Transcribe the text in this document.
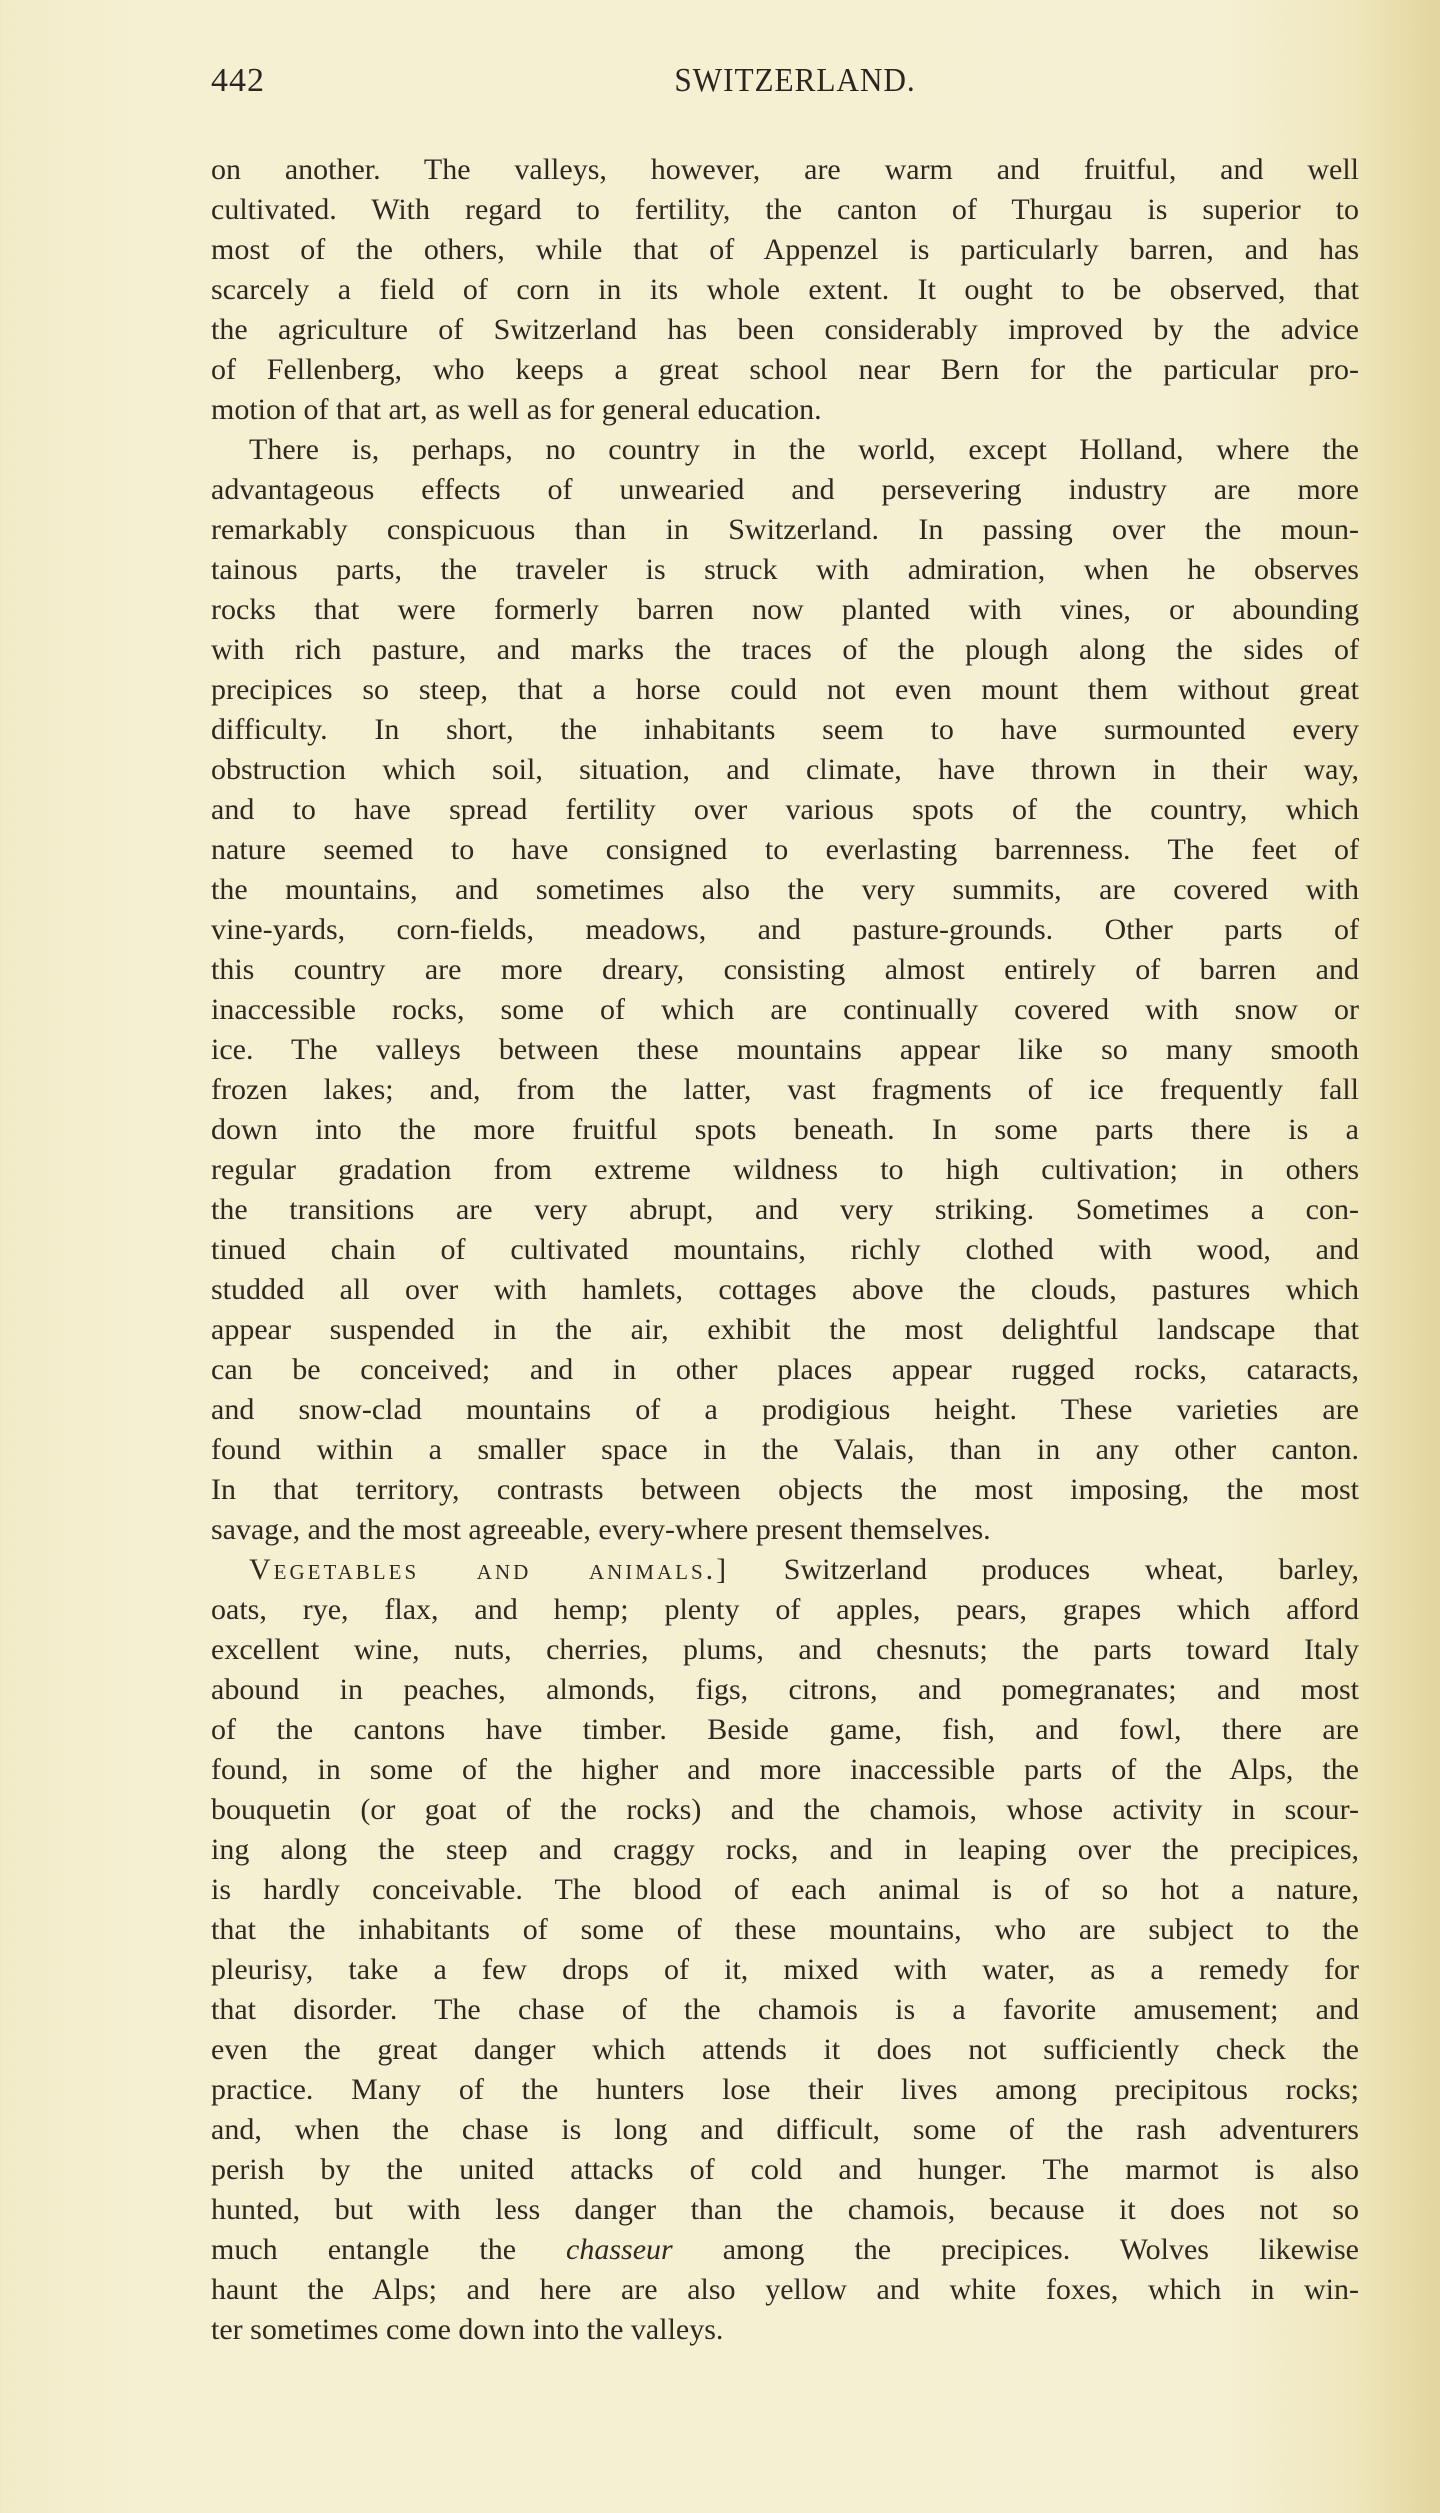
442	SWITZERLAND.
on another. The valleys, however, are warm and fruitful, and well
cultivated. With regard to fertility, the canton of Thurgau is superior to
most of the others, while that of Appenzel is particularly barren, and has
scarcely a field of corn in its whole extent. It ought to be observed, that
the agriculture of Switzerland has been considerably improved by the advice
of Fellenberg, who keeps a great school near Bern for the particular pro-
motion of that art, as well as for general education.
There is, perhaps, no country in the world, except Holland, where the
advantageous effects of unwearied and persevering industry are more
remarkably conspicuous than in Switzerland. In passing over the moun-
tainous parts, the traveler is struck with admiration, when he observes
rocks that were formerly barren now planted with vines, or abounding
with rich pasture, and marks the traces of the plough along the sides of
precipices so steep, that a horse could not even mount them without great
difficulty. In short, the inhabitants seem to have surmounted every
obstruction which soil, situation, and climate, have thrown in their way,
and to have spread fertility over various spots of the country, which
nature seemed to have consigned to everlasting barrenness. The feet of
the mountains, and sometimes also the very summits, are covered with
vine-yards, corn-fields, meadows, and pasture-grounds. Other parts of
this country are more dreary, consisting almost entirely of barren and
inaccessible rocks, some of which are continually covered with snow or
ice. The valleys between these mountains appear like so many smooth
frozen lakes; and, from the latter, vast fragments of ice frequently fall
down into the more fruitful spots beneath. In some parts there is a
regular gradation from extreme wildness to high cultivation; in others
the transitions are very abrupt, and very striking. Sometimes a con-
tinued chain of cultivated mountains, richly clothed with wood, and
studded all over with hamlets, cottages above the clouds, pastures which
appear suspended in the air, exhibit the most delightful landscape that
can be conceived; and in other places appear rugged rocks, cataracts,
and snow-clad mountains of a prodigious height. These varieties are
found within a smaller space in the Valais, than in any other canton.
In that territory, contrasts between objects the most imposing, the most
savage, and the most agreeable, every-where present themselves.
Vegetables and animals.] Switzerland produces wheat, barley,
oats, rye, flax, and hemp; plenty of apples, pears, grapes which afford
excellent wine, nuts, cherries, plums, and chesnuts; the parts toward Italy
abound in peaches, almonds, figs, citrons, and pomegranates; and most
of the cantons have timber. Beside game, fish, and fowl, there are
found, in some of the higher and more inaccessible parts of the Alps, the
bouquetin (or goat of the rocks) and the chamois, whose activity in scour-
ing along the steep and craggy rocks, and in leaping over the precipices,
is hardly conceivable. The blood of each animal is of so hot a nature,
that the inhabitants of some of these mountains, who are subject to the
pleurisy, take a few drops of it, mixed with water, as a remedy for
that disorder. The chase of the chamois is a favorite amusement; and
even the great danger which attends it does not sufficiently check the
practice. Many of the hunters lose their lives among precipitous rocks;
and, when the chase is long and difficult, some of the rash adventurers
perish by the united attacks of cold and hunger. The marmot is also
hunted, but with less danger than the chamois, because it does not so
much entangle the chasseur among the precipices. Wolves likewise
haunt the Alps; and here are also yellow and white foxes, which in win-
ter sometimes come down into the valleys.
